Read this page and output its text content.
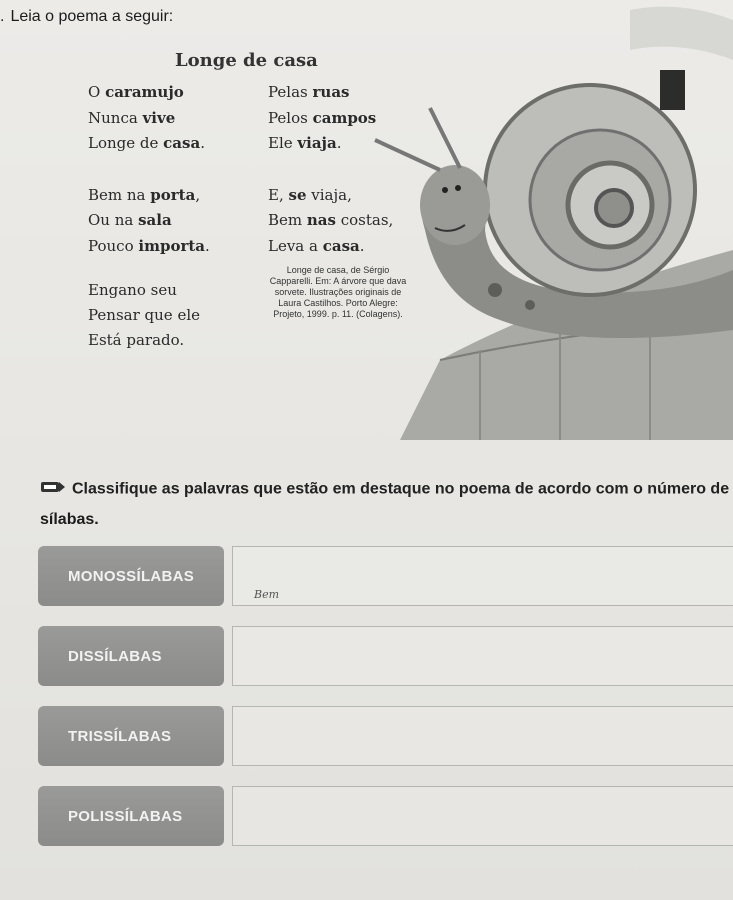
. Leia o poema a seguir:
Longe de casa
O caramujo
Nunca vive
Longe de casa.
Bem na porta,
Ou na sala
Pouco importa.
Engano seu
Pensar que ele
Está parado.
Pelas ruas
Pelos campos
Ele viaja.
E, se viaja,
Bem nas costas,
Leva a casa.
Longe de casa, de Sérgio Capparelli. Em: A árvore que dava sorvete. Ilustrações originais de Laura Castilhos. Porto Alegre: Projeto, 1999. p. 11. (Colagens).
Classifique as palavras que estão em destaque no poema de acordo com o número de
sílabas.
MONOSSÍLABAS
Bem
DISSÍLABAS
TRISSÍLABAS
POLISSÍLABAS
